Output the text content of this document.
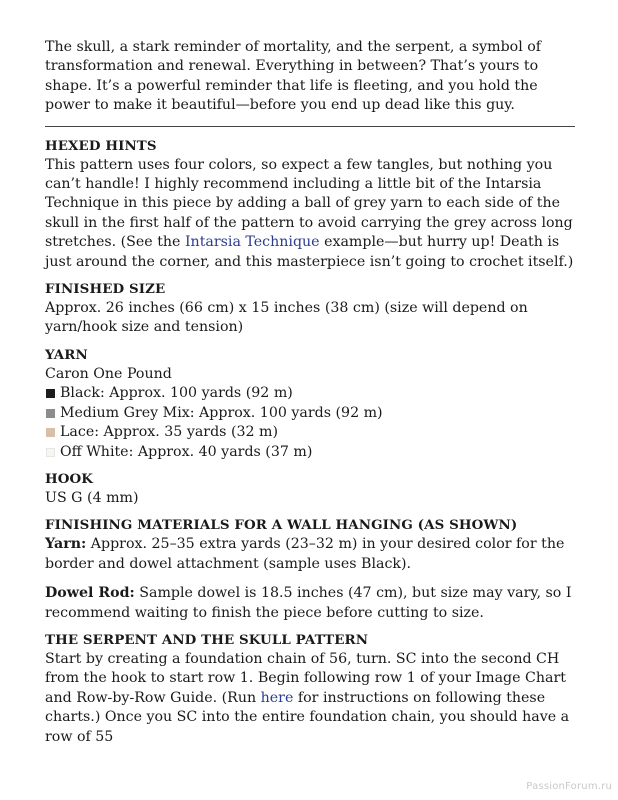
The skull, a stark reminder of mortality, and the serpent, a symbol of transformation and renewal. Everything in between? That’s yours to shape. It’s a powerful reminder that life is fleeting, and you hold the power to make it beautiful—before you end up dead like this guy.

HEXED HINTS

This pattern uses four colors, so expect a few tangles, but nothing you can’t handle! I highly recommend including a little bit of the Intarsia Technique in this piece by adding a ball of grey yarn to each side of the skull in the first half of the pattern to avoid carrying the grey across long stretches. (See the Intarsia Technique example—but hurry up! Death is just around the corner, and this masterpiece isn’t going to crochet itself.)

FINISHED SIZE

Approx. 26 inches (66 cm) x 15 inches (38 cm) (size will depend on yarn/hook size and tension)

YARN

Caron One Pound

Black: Approx. 100 yards (92 m)
Medium Grey Mix: Approx. 100 yards (92 m)
Lace: Approx. 35 yards (32 m)
Off White: Approx. 40 yards (37 m)
HOOK

US G (4 mm)

FINISHING MATERIALS FOR A WALL HANGING (AS SHOWN)

Yarn: Approx. 25–35 extra yards (23–32 m) in your desired color for the border and dowel attachment (sample uses Black).

Dowel Rod: Sample dowel is 18.5 inches (47 cm), but size may vary, so I recommend waiting to finish the piece before cutting to size.

THE SERPENT AND THE SKULL PATTERN

Start by creating a foundation chain of 56, turn. SC into the second CH from the hook to start row 1. Begin following row 1 of your Image Chart and Row-by-Row Guide. (Run here for instructions on following these charts.) Once you SC into the entire foundation chain, you should have a row of 55

PassionForum.ru
